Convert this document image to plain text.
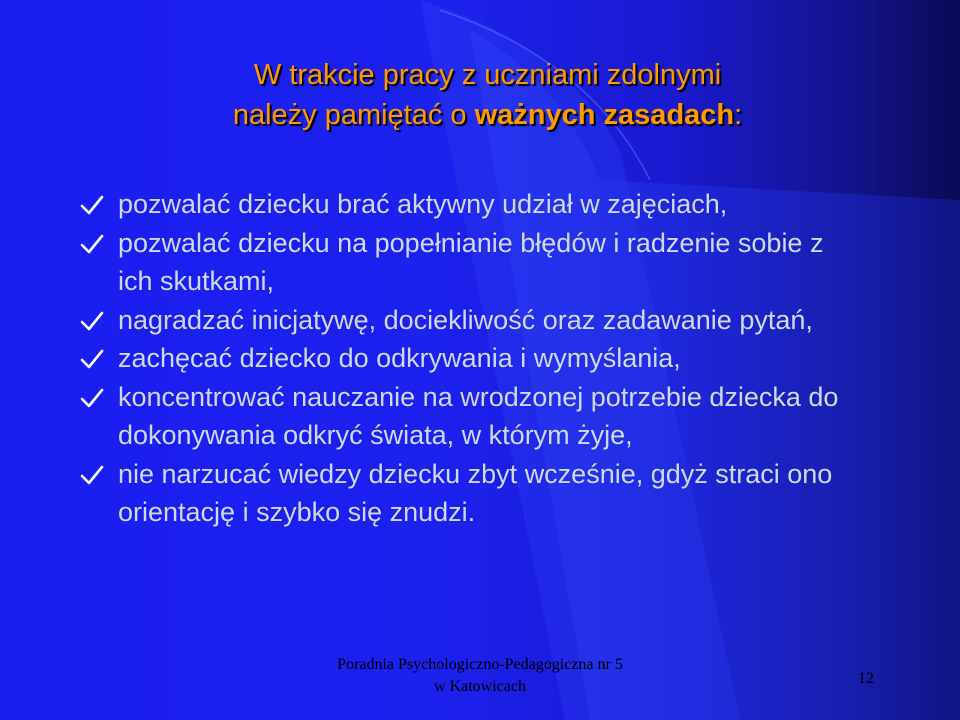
W trakcie pracy z uczniami zdolnymi
należy pamiętać o ważnych zasadach:
pozwalać dziecku brać aktywny udział w zajęciach,
pozwalać dziecku na popełnianie błędów i radzenie sobie z ich skutkami,
nagradzać inicjatywę, dociekliwość oraz zadawanie pytań,
zachęcać dziecko do odkrywania i wymyślania,
koncentrować nauczanie na wrodzonej potrzebie dziecka do dokonywania odkryć świata, w którym żyje,
nie narzucać wiedzy dziecku zbyt wcześnie, gdyż straci ono orientację i szybko się znudzi.
Poradnia Psychologiczno-Pedagogiczna nr 5
w Katowicach	12
